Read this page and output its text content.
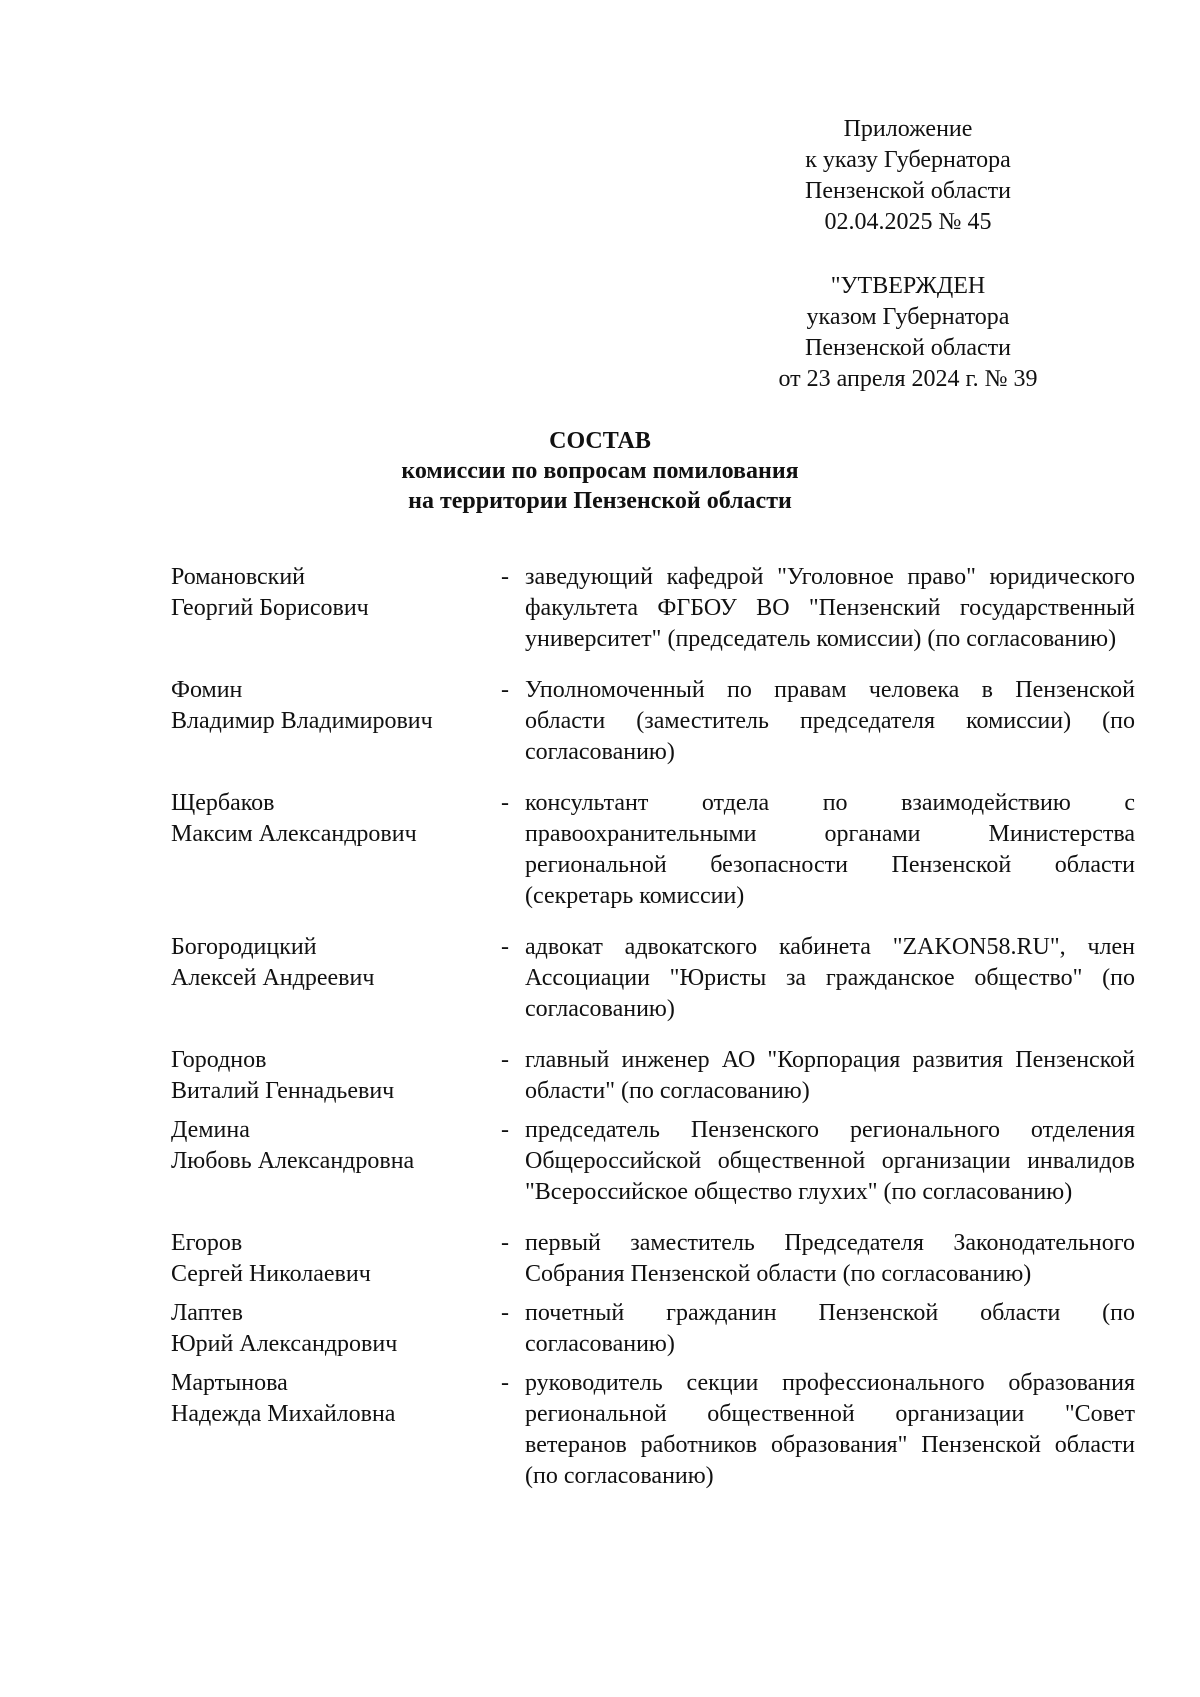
Приложение
к указу Губернатора
Пензенской области
02.04.2025 № 45
"УТВЕРЖДЕН
указом Губернатора
Пензенской области
от 23 апреля 2024 г. № 39
СОСТАВ
комиссии по вопросам помилования
на территории Пензенской области
Романовский
Георгий Борисович
- заведующий кафедрой "Уголовное право" юридического факультета ФГБОУ ВО "Пензенский государственный университет" (председатель комиссии) (по согласованию)
Фомин
Владимир Владимирович
- Уполномоченный по правам человека в Пензенской области (заместитель председателя комиссии) (по согласованию)
Щербаков
Максим Александрович
- консультант отдела по взаимодействию с правоохранительными органами Министерства региональной безопасности Пензенской области (секретарь комиссии)
Богородицкий
Алексей Андреевич
- адвокат адвокатского кабинета "ZAKON58.RU", член Ассоциации "Юристы за гражданское общество" (по согласованию)
Городнов
Виталий Геннадьевич
- главный инженер АО "Корпорация развития Пензенской области" (по согласованию)
Демина
Любовь Александровна
- председатель Пензенского регионального отделения Общероссийской общественной организации инвалидов "Всероссийское общество глухих" (по согласованию)
Егоров
Сергей Николаевич
- первый заместитель Председателя Законодательного Собрания Пензенской области (по согласованию)
Лаптев
Юрий Александрович
- почетный гражданин Пензенской области (по согласованию)
Мартынова
Надежда Михайловна
- руководитель секции профессионального образования региональной общественной организации "Совет ветеранов работников образования" Пензенской области (по согласованию)
